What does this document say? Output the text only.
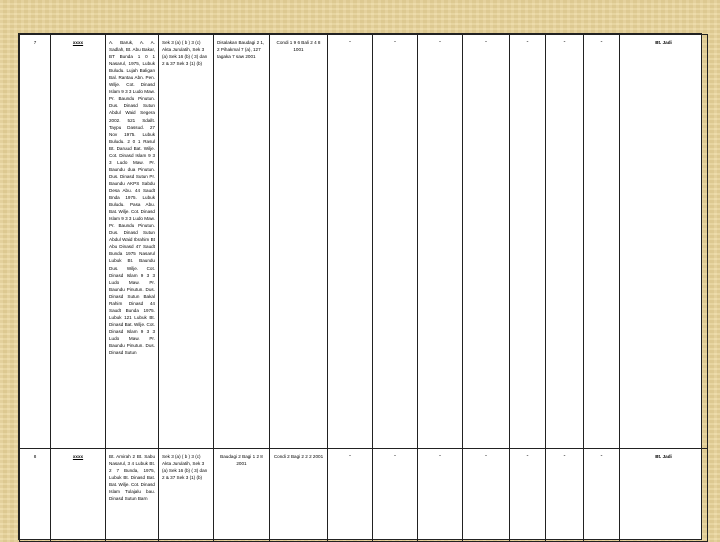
7	xxxx	A. Baruk, A. A. Sadlah, Bt. Abu Bakar, BT Bunda 1 0 1 Nasarul, 1975, Lubuk Buludu. Lujah Baligan Bal. Rantau Abn. Pen. Wilje. Cot. Dinasd Islam 9 3 3 Ludo Maw. Pr. Baundu Pinutun. Dus. Dinasd Sutun Abdul Waid Segera 2002. 521 Sdallt. Taypu Dassud. 27 Nov 1975. Lubuk Buludu. 2 0 1 Rasul Bt. Daruud Bat. Wilje. Cot. Dinasd Islam 9 3 3 Ludo Maw. Pr. Baundu dua Pinutun. Dus. Dinasd Sutun Pr. Baundu AKPS Sabdu Desa Abu. 44 Saudt Bnda 1975. Lubuk Buludu. Pasa Abu. Bat. Wilje. Cot. Dinasd Islam 9 3 3 Ludo Maw. Pr. Baundu Pinutun. Dus. Dinasd Sutun Abdul Waid Ibrahim Bt Abu Dinasd 47 Saudt Bunda 1975 Nasarul Lubuk Bt. Baundu Dus. Wilje. Cot. Dinasd Islam 9 3 3 Ludo Maw. Pr. Baundu Pinutun. Dus. Dinasd Sutun Bakal Rahim Dinasd 44 Saudt Bunda 1975. Lubuk 121 Lubuk Bt. Dinasd Bat. Wilje. Cot. Dinasd Islam 9 3 3 Ludo Maw. Pr. Baundu Pinutun. Dus. Dinasd Sutun	Sek 3 (a) ( b ) 3 (c) Akta Jurulatih, Sek 3 (a) Sek 16 (b) ( 3) dan 2 & 37 Sek 3 (1) (b)	Disalakan Baudagi 2 1, 2 Pihakmal 7 (a), 127 tagaka 7 saw 2001	Condi 1 9 6 Bali 2 4 8 1001	-	-	-	-	-	-	-	Bt. Jadi
8	xxxx	Bt. Amirah 2 Bt. Sabu Nasarul, 3 4 Lubuk Bt. 2 7 Bunda, 1975, Lubuk Bt. Dinasd Bat. Bat. Wilje. Cot. Dinasd Islam Tulajalu bau. Dinasd Sutun Barn	Sek 3 (a) ( b ) 3 (c) Akta Jurulatih, Sek 3 (a) Sek 16 (b) ( 3) dan 2 & 37 Sek 3 (1) (b)	Baudagi 2 Bagi 1 2 8 2001	Condi 2 Bagi 2 2 2 2001	-	-	-	-	-	-	-	Bt. Jadi
